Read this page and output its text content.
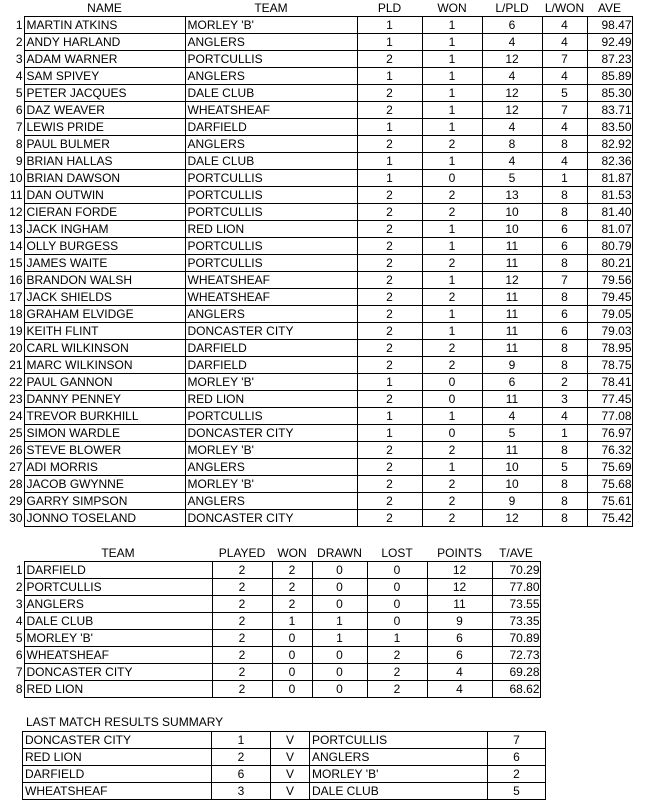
	NAME	TEAM	PLD	WON	L/PLD	L/WON	AVE
1	MARTIN ATKINS	MORLEY 'B'	1	1	6	4	98.47
2	ANDY HARLAND	ANGLERS	1	1	4	4	92.49
3	ADAM WARNER	PORTCULLIS	2	1	12	7	87.23
4	SAM SPIVEY	ANGLERS	1	1	4	4	85.89
5	PETER JACQUES	DALE CLUB	2	1	12	5	85.30
6	DAZ WEAVER	WHEATSHEAF	2	1	12	7	83.71
7	LEWIS PRIDE	DARFIELD	1	1	4	4	83.50
8	PAUL BULMER	ANGLERS	2	2	8	8	82.92
9	BRIAN HALLAS	DALE CLUB	1	1	4	4	82.36
10	BRIAN DAWSON	PORTCULLIS	1	0	5	1	81.87
11	DAN OUTWIN	PORTCULLIS	2	2	13	8	81.53
12	CIERAN FORDE	PORTCULLIS	2	2	10	8	81.40
13	JACK INGHAM	RED LION	2	1	10	6	81.07
14	OLLY BURGESS	PORTCULLIS	2	1	11	6	80.79
15	JAMES WAITE	PORTCULLIS	2	2	11	8	80.21
16	BRANDON WALSH	WHEATSHEAF	2	1	12	7	79.56
17	JACK SHIELDS	WHEATSHEAF	2	2	11	8	79.45
18	GRAHAM ELVIDGE	ANGLERS	2	1	11	6	79.05
19	KEITH FLINT	DONCASTER CITY	2	1	11	6	79.03
20	CARL WILKINSON	DARFIELD	2	2	11	8	78.95
21	MARC WILKINSON	DARFIELD	2	2	9	8	78.75
22	PAUL GANNON	MORLEY 'B'	1	0	6	2	78.41
23	DANNY PENNEY	RED LION	2	0	11	3	77.45
24	TREVOR BURKHILL	PORTCULLIS	1	1	4	4	77.08
25	SIMON WARDLE	DONCASTER CITY	1	0	5	1	76.97
26	STEVE BLOWER	MORLEY 'B'	2	2	11	8	76.32
27	ADI MORRIS	ANGLERS	2	1	10	5	75.69
28	JACOB GWYNNE	MORLEY 'B'	2	2	10	8	75.68
29	GARRY SIMPSON	ANGLERS	2	2	9	8	75.61
30	JONNO TOSELAND	DONCASTER CITY	2	2	12	8	75.42
	TEAM	PLAYED	WON	DRAWN	LOST	POINTS	T/AVE
1	DARFIELD	2	2	0	0	12	70.29
2	PORTCULLIS	2	2	0	0	12	77.80
3	ANGLERS	2	2	0	0	11	73.55
4	DALE CLUB	2	1	1	0	9	73.35
5	MORLEY 'B'	2	0	1	1	6	70.89
6	WHEATSHEAF	2	0	0	2	6	72.73
7	DONCASTER CITY	2	0	0	2	4	69.28
8	RED LION	2	0	0	2	4	68.62
LAST MATCH RESULTS SUMMARY
DONCASTER CITY	1	V	PORTCULLIS	7
RED LION	2	V	ANGLERS	6
DARFIELD	6	V	MORLEY 'B'	2
WHEATSHEAF	3	V	DALE CLUB	5
